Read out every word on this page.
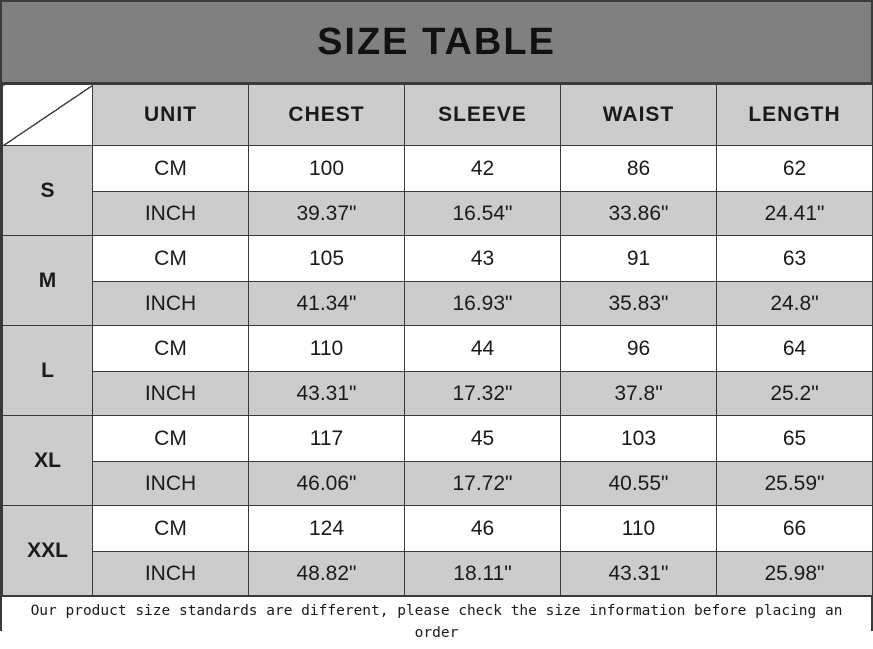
SIZE TABLE
	UNIT	CHEST	SLEEVE	WAIST	LENGTH
S	CM	100	42	86	62
	INCH	39.37"	16.54"	33.86"	24.41"
M	CM	105	43	91	63
	INCH	41.34"	16.93"	35.83"	24.8"
L	CM	110	44	96	64
	INCH	43.31"	17.32"	37.8"	25.2"
XL	CM	117	45	103	65
	INCH	46.06"	17.72"	40.55"	25.59"
XXL	CM	124	46	110	66
	INCH	48.82"	18.11"	43.31"	25.98"
Our product size standards are different, please check the size information before placing an order
